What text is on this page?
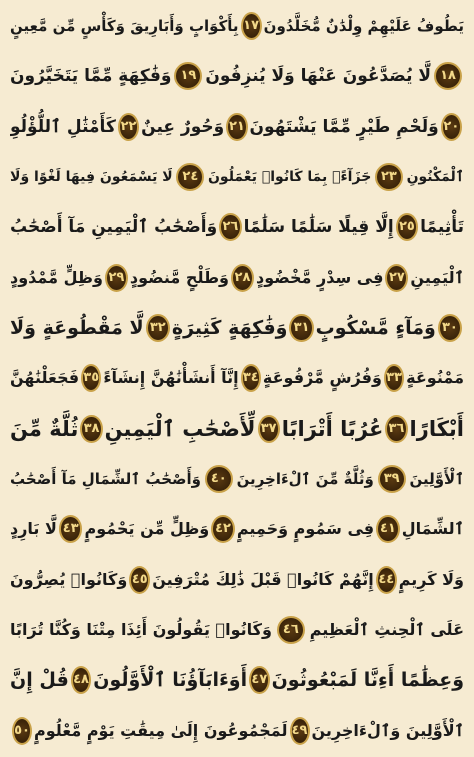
يَطُوفُ عَلَيْهِمْ وِلْدَٰنٌ مُّخَلَّدُونَ
١٧
بِأَكْوَابٍ وَأَبَارِيقَ وَكَأْسٍ مِّن مَّعِينٍ
١٨
لَّا يُصَدَّعُونَ عَنْهَا وَلَا يُنزِفُونَ
١٩
وَفَٰكِهَةٍ مِّمَّا يَتَخَيَّرُونَ
٢٠
وَلَحْمِ طَيْرٍ مِّمَّا يَشْتَهُونَ
٢١
وَحُورٌ عِينٌ
٢٢
كَأَمْثَٰلِ ٱللُّؤْلُوِ
ٱلْمَكْنُونِ
٢٣
جَزَآءًۢ بِمَا كَانُوا۟ يَعْمَلُونَ
٢٤
لَا يَسْمَعُونَ فِيهَا لَغْوًا وَلَا
تَأْثِيمًا
٢٥
إِلَّا قِيلًا سَلَٰمًا سَلَٰمًا
٢٦
وَأَصْحَٰبُ ٱلْيَمِينِ مَآ أَصْحَٰبُ
ٱلْيَمِينِ
٢٧
فِى سِدْرٍ مَّخْضُودٍ
٢٨
وَطَلْحٍ مَّنضُودٍ
٢٩
وَظِلٍّ مَّمْدُودٍ
٣٠
وَمَآءٍ مَّسْكُوبٍ
٣١
وَفَٰكِهَةٍ كَثِيرَةٍ
٣٢
لَّا مَقْطُوعَةٍ وَلَا
مَمْنُوعَةٍ
٣٣
وَفُرُشٍ مَّرْفُوعَةٍ
٣٤
إِنَّآ أَنشَأْنَٰهُنَّ إِنشَآءً
٣٥
فَجَعَلْنَٰهُنَّ
أَبْكَارًا
٣٦
عُرُبًا أَتْرَابًا
٣٧
لِّأَصْحَٰبِ ٱلْيَمِينِ
٣٨
ثُلَّةٌ مِّنَ
ٱلْأَوَّلِينَ
٣٩
وَثُلَّةٌ مِّنَ ٱلْءَاخِرِينَ
٤٠
وَأَصْحَٰبُ ٱلشِّمَالِ مَآ أَصْحَٰبُ
ٱلشِّمَالِ
٤١
فِى سَمُومٍ وَحَمِيمٍ
٤٢
وَظِلٍّ مِّن يَحْمُومٍ
٤٣
لَّا بَارِدٍ
وَلَا كَرِيمٍ
٤٤
إِنَّهُمْ كَانُوا۟ قَبْلَ ذَٰلِكَ مُتْرَفِينَ
٤٥
وَكَانُوا۟ يُصِرُّونَ
عَلَى ٱلْحِنثِ ٱلْعَظِيمِ
٤٦
وَكَانُوا۟ يَقُولُونَ أَئِذَا مِتْنَا وَكُنَّا تُرَابًا
وَعِظَٰمًا أَءِنَّا لَمَبْعُوثُونَ
٤٧
أَوَءَابَآؤُنَا ٱلْأَوَّلُونَ
٤٨
قُلْ إِنَّ
ٱلْأَوَّلِينَ وَٱلْءَاخِرِينَ
٤٩
لَمَجْمُوعُونَ إِلَىٰ مِيقَٰتِ يَوْمٍ مَّعْلُومٍ
٥٠
